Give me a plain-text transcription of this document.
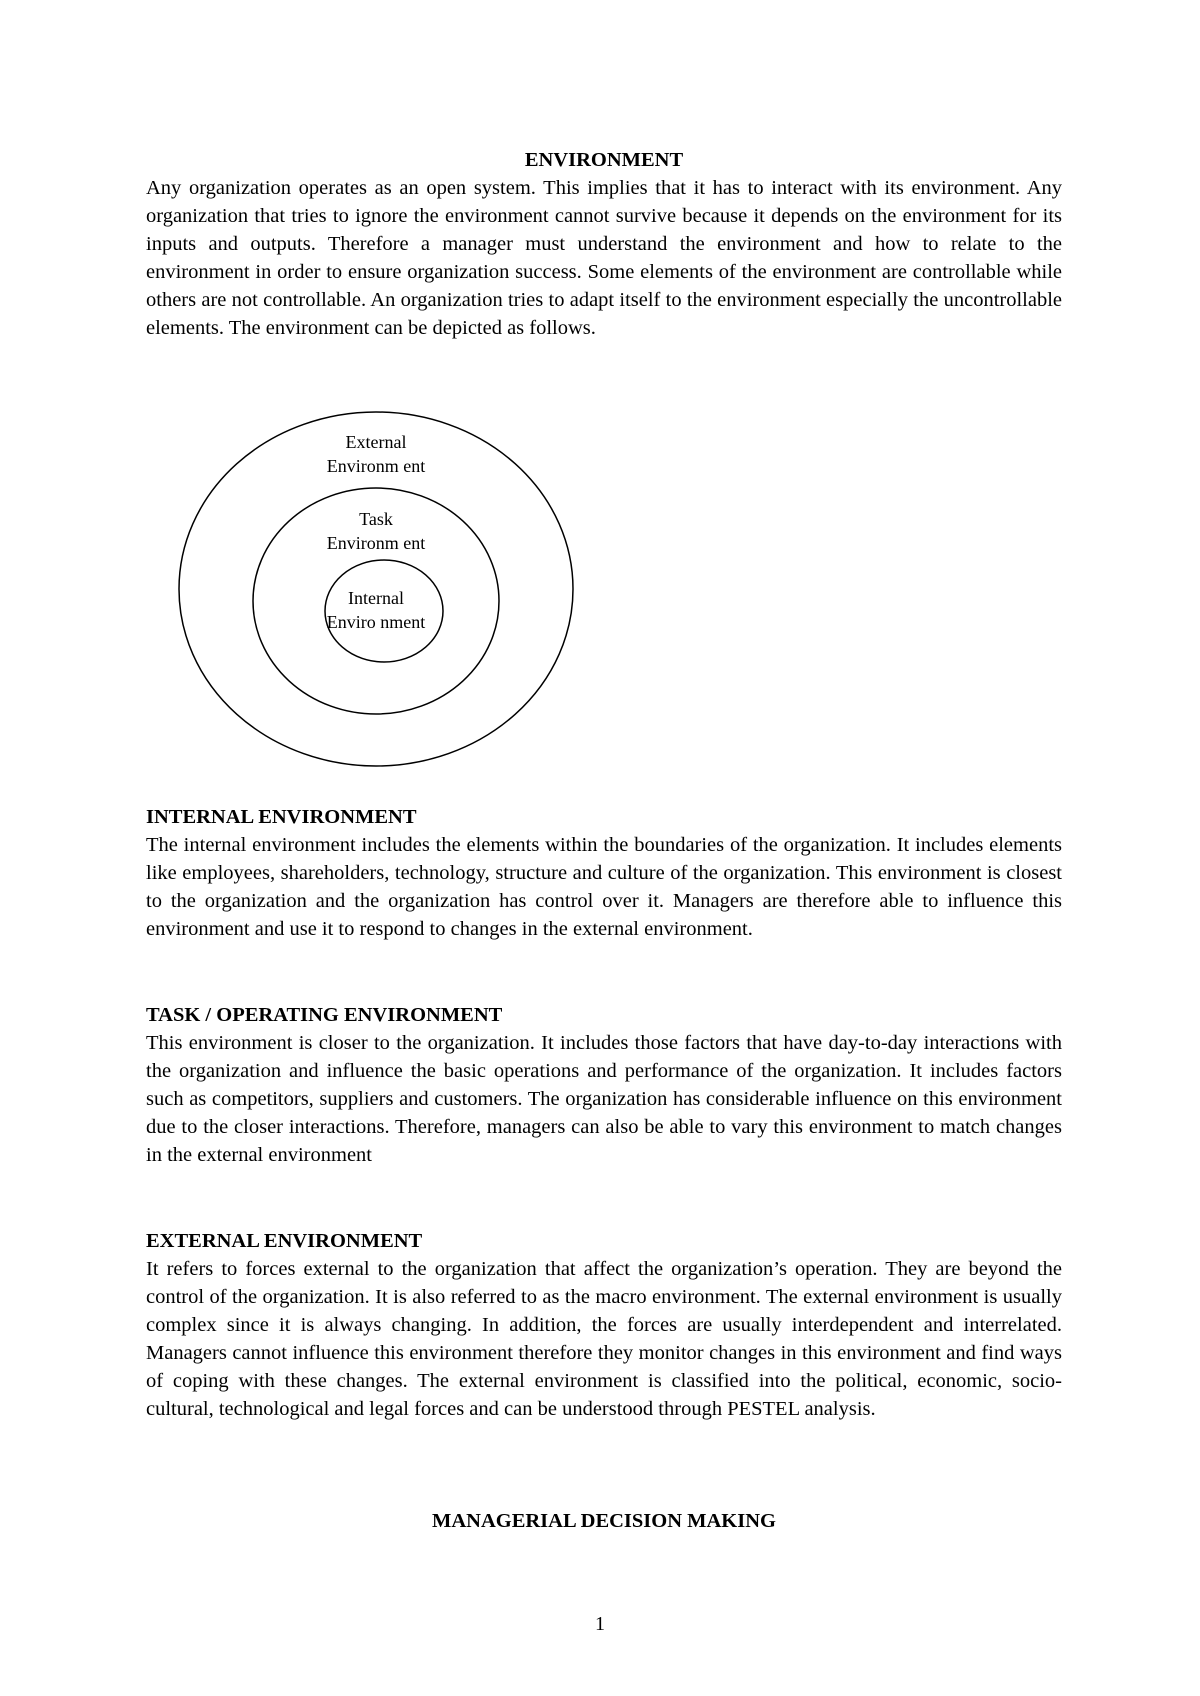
ENVIRONMENT

Any organization operates as an open system. This implies that it has to interact with its environment. Any organization that tries to ignore the environment cannot survive because it depends on the environment for its inputs and outputs. Therefore a manager must understand the environment and how to relate to the environment in order to ensure organization success. Some elements of the environment are controllable while others are not controllable. An organization tries to adapt itself to the environment especially the uncontrollable elements. The environment can be depicted as follows.

External Environm ent

Task Environm ent

Internal Enviro nment

INTERNAL ENVIRONMENT

The internal environment includes the elements within the boundaries of the organization. It includes elements like employees, shareholders, technology, structure and culture of the organization. This environment is closest to the organization and the organization has control over it. Managers are therefore able to influence this environment and use it to respond to changes in the external environment.

TASK / OPERATING ENVIRONMENT

This environment is closer to the organization. It includes those factors that have day-to-day interactions with the organization and influence the basic operations and performance of the organization. It includes factors such as competitors, suppliers and customers. The organization has considerable influence on this environment due to the closer interactions. Therefore, managers can also be able to vary this environment to match changes in the external environment

EXTERNAL ENVIRONMENT

It refers to forces external to the organization that affect the organization’s operation. They are beyond the control of the organization. It is also referred to as the macro environment. The external environment is usually complex since it is always changing. In addition, the forces are usually interdependent and interrelated. Managers cannot influence this environment therefore they monitor changes in this environment and find ways of coping with these changes. The external environment is classified into the political, economic, socio-cultural, technological and legal forces and can be understood through PESTEL analysis.

MANAGERIAL DECISION MAKING
1
